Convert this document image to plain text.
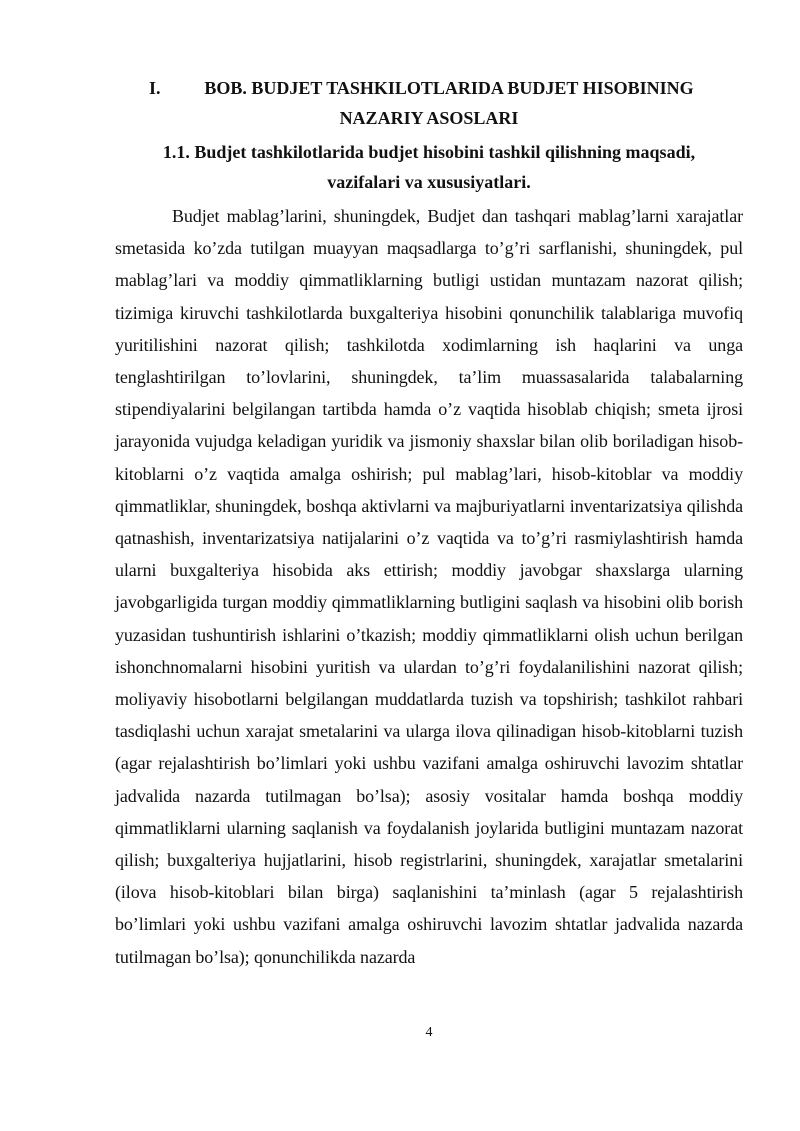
I.	BOB. BUDJET TASHKILOTLARIDA BUDJET HISOBINING
NAZARIY ASOSLARI
1.1. Budjet tashkilotlarida budjet hisobini tashkil qilishning maqsadi,
vazifalari va xususiyatlari.

Budjet mablag’larini, shuningdek, Budjet dan tashqari mablag’larni xarajatlar smetasida ko’zda tutilgan muayyan maqsadlarga to’g’ri sarflanishi, shuningdek, pul mablag’lari va moddiy qimmatliklarning butligi ustidan muntazam nazorat qilish; tizimiga kiruvchi tashkilotlarda buxgalteriya hisobini qonunchilik talablariga muvofiq yuritilishini nazorat qilish; tashkilotda xodimlarning ish haqlarini va unga tenglashtirilgan to’lovlarini, shuningdek, ta’lim muassasalarida talabalarning stipendiyalarini belgilangan tartibda hamda o’z vaqtida hisoblab chiqish; smeta ijrosi jarayonida vujudga keladigan yuridik va jismoniy shaxslar bilan olib boriladigan hisob-kitoblarni o’z vaqtida amalga oshirish; pul mablag’lari, hisob-kitoblar va moddiy qimmatliklar, shuningdek, boshqa aktivlarni va majburiyatlarni inventarizatsiya qilishda qatnashish, inventarizatsiya natijalarini o’z vaqtida va to’g’ri rasmiylashtirish hamda ularni buxgalteriya hisobida aks ettirish; moddiy javobgar shaxslarga ularning javobgarligida turgan moddiy qimmatliklarning butligini saqlash va hisobini olib borish yuzasidan tushuntirish ishlarini o’tkazish; moddiy qimmatliklarni olish uchun berilgan ishonchnomalarni hisobini yuritish va ulardan to’g’ri foydalanilishini nazorat qilish; moliyaviy hisobotlarni belgilangan muddatlarda tuzish va topshirish; tashkilot rahbari tasdiqlashi uchun xarajat smetalarini va ularga ilova qilinadigan hisob-kitoblarni tuzish (agar rejalashtirish bo’limlari yoki ushbu vazifani amalga oshiruvchi lavozim shtatlar jadvalida nazarda tutilmagan bo’lsa); asosiy vositalar hamda boshqa moddiy qimmatliklarni ularning saqlanish va foydalanish joylarida butligini muntazam nazorat qilish; buxgalteriya hujjatlarini, hisob registrlarini, shuningdek, xarajatlar smetalarini (ilova hisob-kitoblari bilan birga) saqlanishini ta’minlash (agar 5 rejalashtirish bo’limlari yoki ushbu vazifani amalga oshiruvchi lavozim shtatlar jadvalida nazarda tutilmagan bo’lsa); qonunchilikda nazarda

4
